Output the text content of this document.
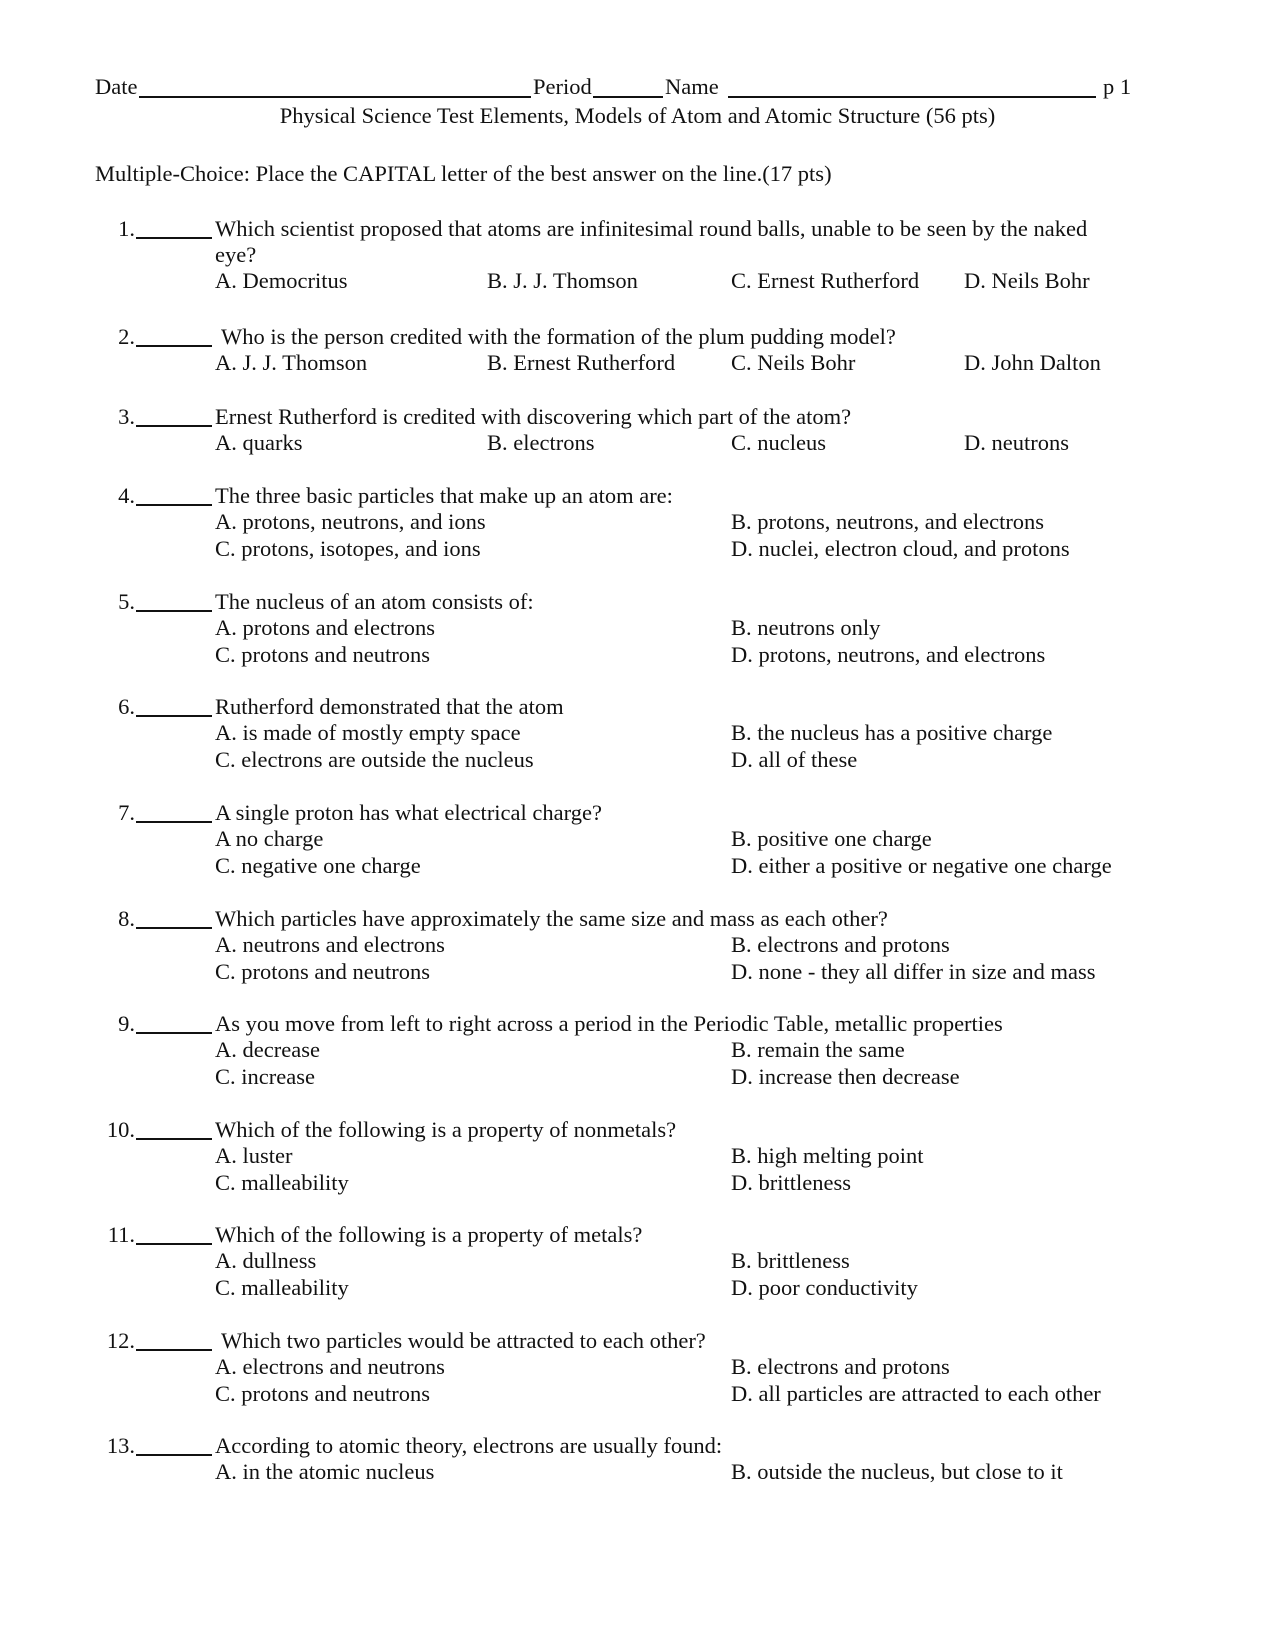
Date	Period	Name	p 1
Physical Science Test Elements, Models of Atom and Atomic Structure (56 pts)
Multiple-Choice: Place the CAPITAL letter of the best answer on the line.(17 pts)
1.	Which scientist proposed that atoms are infinitesimal round balls, unable to be seen by the naked
eye?
A. Democritus	B. J. J. Thomson	C. Ernest Rutherford D. Neils Bohr
2.	Who is the person credited with the formation of the plum pudding model?
A. J. J. Thomson	B. Ernest Rutherford C. Neils Bohr	D. John Dalton
3.	Ernest Rutherford is credited with discovering which part of the atom?
A. quarks	B. electrons	C. nucleus	D. neutrons
4.	The three basic particles that make up an atom are:
A. protons, neutrons, and ions	B. protons, neutrons, and electrons
C. protons, isotopes, and ions	D. nuclei, electron cloud, and protons
5.	The nucleus of an atom consists of:
A. protons and electrons	B. neutrons only
C. protons and neutrons	D. protons, neutrons, and electrons
6.	Rutherford demonstrated that the atom
A. is made of mostly empty space	B. the nucleus has a positive charge
C. electrons are outside the nucleus	D. all of these
7.	A single proton has what electrical charge?
A no charge	B. positive one charge
C. negative one charge	D. either a positive or negative one charge
8.	Which particles have approximately the same size and mass as each other?
A. neutrons and electrons	B. electrons and protons
C. protons and neutrons	D. none - they all differ in size and mass
9.	As you move from left to right across a period in the Periodic Table, metallic properties
A. decrease	B. remain the same
C. increase	D. increase then decrease
10.	Which of the following is a property of nonmetals?
A. luster	B. high melting point
C. malleability	D. brittleness
11.	Which of the following is a property of metals?
A. dullness	B. brittleness
C. malleability	D. poor conductivity
12.	Which two particles would be attracted to each other?
A. electrons and neutrons	B. electrons and protons
C. protons and neutrons	D. all particles are attracted to each other
13.	According to atomic theory, electrons are usually found:
A. in the atomic nucleus	B. outside the nucleus, but close to it
